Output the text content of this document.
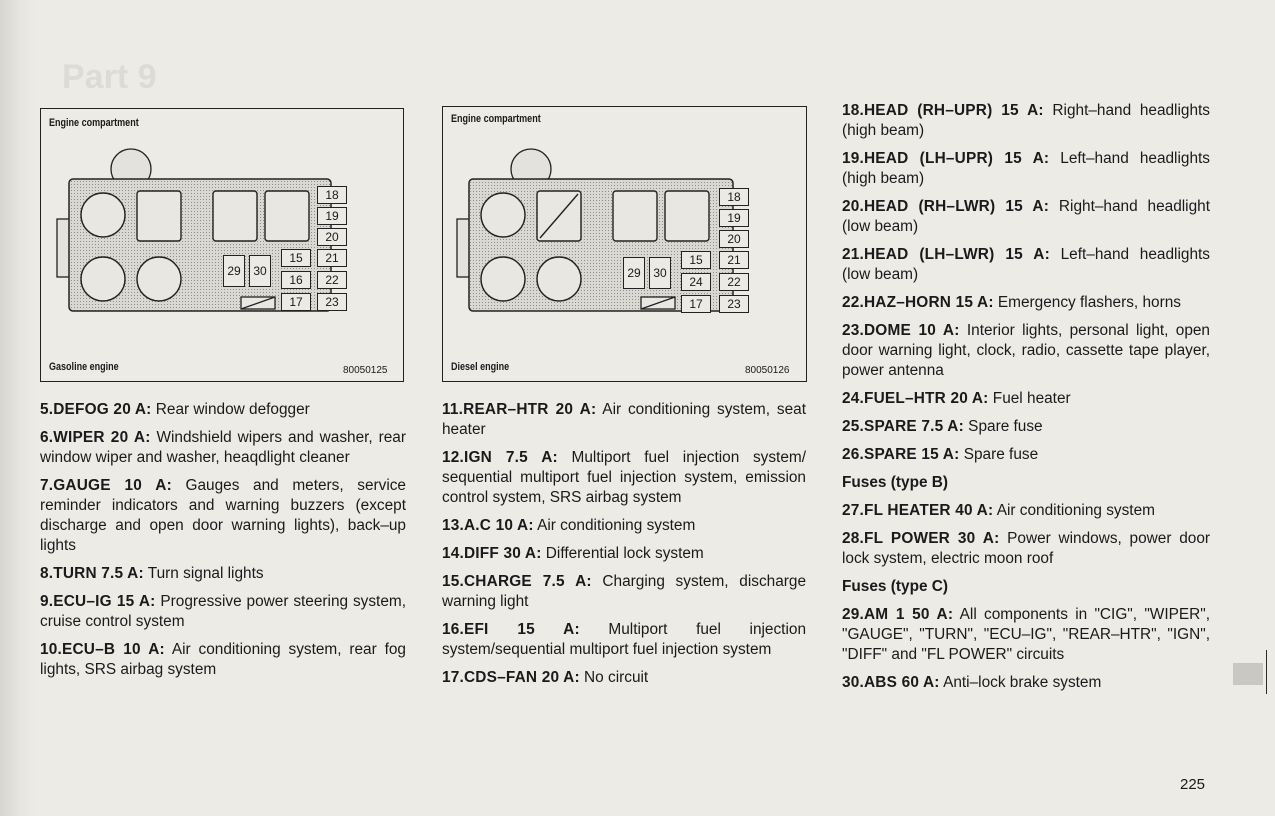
Part 9
Engine compartment
29	30
18
19
20
15	21
16	22
17	23
Gasoline engine	80050125
Engine compartment
29	30
18
19
20
15	21
24	22
17	23
Diesel engine	80050126

5.DEFOG 20 A: Rear window defogger

6.WIPER 20 A: Windshield wipers and washer, rear window wiper and washer, heaqdlight cleaner

7.GAUGE 10 A: Gauges and meters, service reminder indicators and warning buzzers (except discharge and open door warning lights), back–up lights

8.TURN 7.5 A: Turn signal lights

9.ECU–IG 15 A: Progressive power steering system, cruise control system

10.ECU–B 10 A: Air conditioning system, rear fog lights, SRS airbag system

11.REAR–HTR 20 A: Air conditioning system, seat heater

12.IGN 7.5 A: Multiport fuel injection system/ sequential multiport fuel injection system, emission control system, SRS airbag system

13.A.C 10 A: Air conditioning system

14.DIFF 30 A: Differential lock system

15.CHARGE 7.5 A: Charging system, discharge warning light

16.EFI 15 A: Multiport fuel injection system/sequential multiport fuel injection system

17.CDS–FAN 20 A: No circuit

18.HEAD (RH–UPR) 15 A: Right–hand headlights (high beam)

19.HEAD (LH–UPR) 15 A: Left–hand headlights (high beam)

20.HEAD (RH–LWR) 15 A: Right–hand headlight (low beam)

21.HEAD (LH–LWR) 15 A: Left–hand headlights (low beam)

22.HAZ–HORN 15 A: Emergency flashers, horns

23.DOME 10 A: Interior lights, personal light, open door warning light, clock, radio, cassette tape player, power antenna

24.FUEL–HTR 20 A: Fuel heater

25.SPARE 7.5 A: Spare fuse

26.SPARE 15 A: Spare fuse

Fuses (type B)

27.FL HEATER 40 A: Air conditioning system

28.FL POWER 30 A: Power windows, power door lock system, electric moon roof

Fuses (type C)

29.AM 1 50 A: All components in "CIG", "WIPER", "GAUGE", "TURN", "ECU–IG", "REAR–HTR", "IGN", "DIFF" and "FL POWER" circuits

30.ABS 60 A: Anti–lock brake system

225
